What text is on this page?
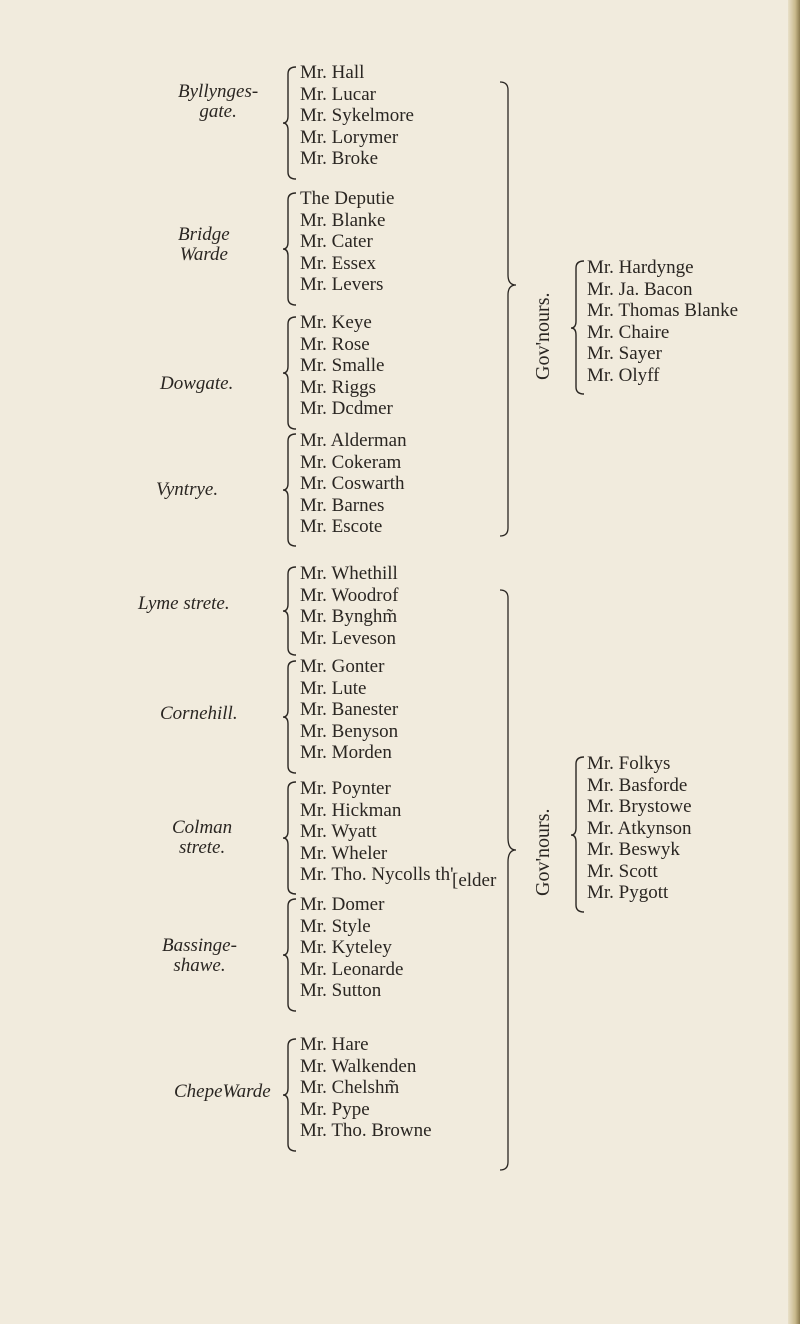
Byllynges-
gate.
Mr. Hall
Mr. Lucar
Mr. Sykelmore
Mr. Lorymer
Mr. Broke
Bridge
Warde
The Deputie
Mr. Blanke
Mr. Cater
Mr. Essex
Mr. Levers
Dowgate.
Mr. Keye
Mr. Rose
Mr. Smalle
Mr. Riggs
Mr. Dcdmer
Vyntrye.
Mr. Alderman
Mr. Cokeram
Mr. Coswarth
Mr. Barnes
Mr. Escote
Lyme strete.
Mr. Whethill
Mr. Woodrof
Mr. Bynghm̃
Mr. Leveson
Cornehill.
Mr. Gonter
Mr. Lute
Mr. Banester
Mr. Benyson
Mr. Morden
Colman
strete.
Mr. Poynter
Mr. Hickman
Mr. Wyatt
Mr. Wheler
Mr. Tho. Nycolls th'
[elder
Bassinge-
shawe.
Mr. Domer
Mr. Style
Mr. Kyteley
Mr. Leonarde
Mr. Sutton
ChepeWarde
Mr. Hare
Mr. Walkenden
Mr. Chelshm̃
Mr. Pype
Mr. Tho. Browne
Gov'nours.
Mr. Hardynge
Mr. Ja. Bacon
Mr. Thomas Blanke
Mr. Chaire
Mr. Sayer
Mr. Olyff
Gov'nours.
Mr. Folkys
Mr. Basforde
Mr. Brystowe
Mr. Atkynson
Mr. Beswyk
Mr. Scott
Mr. Pygott
